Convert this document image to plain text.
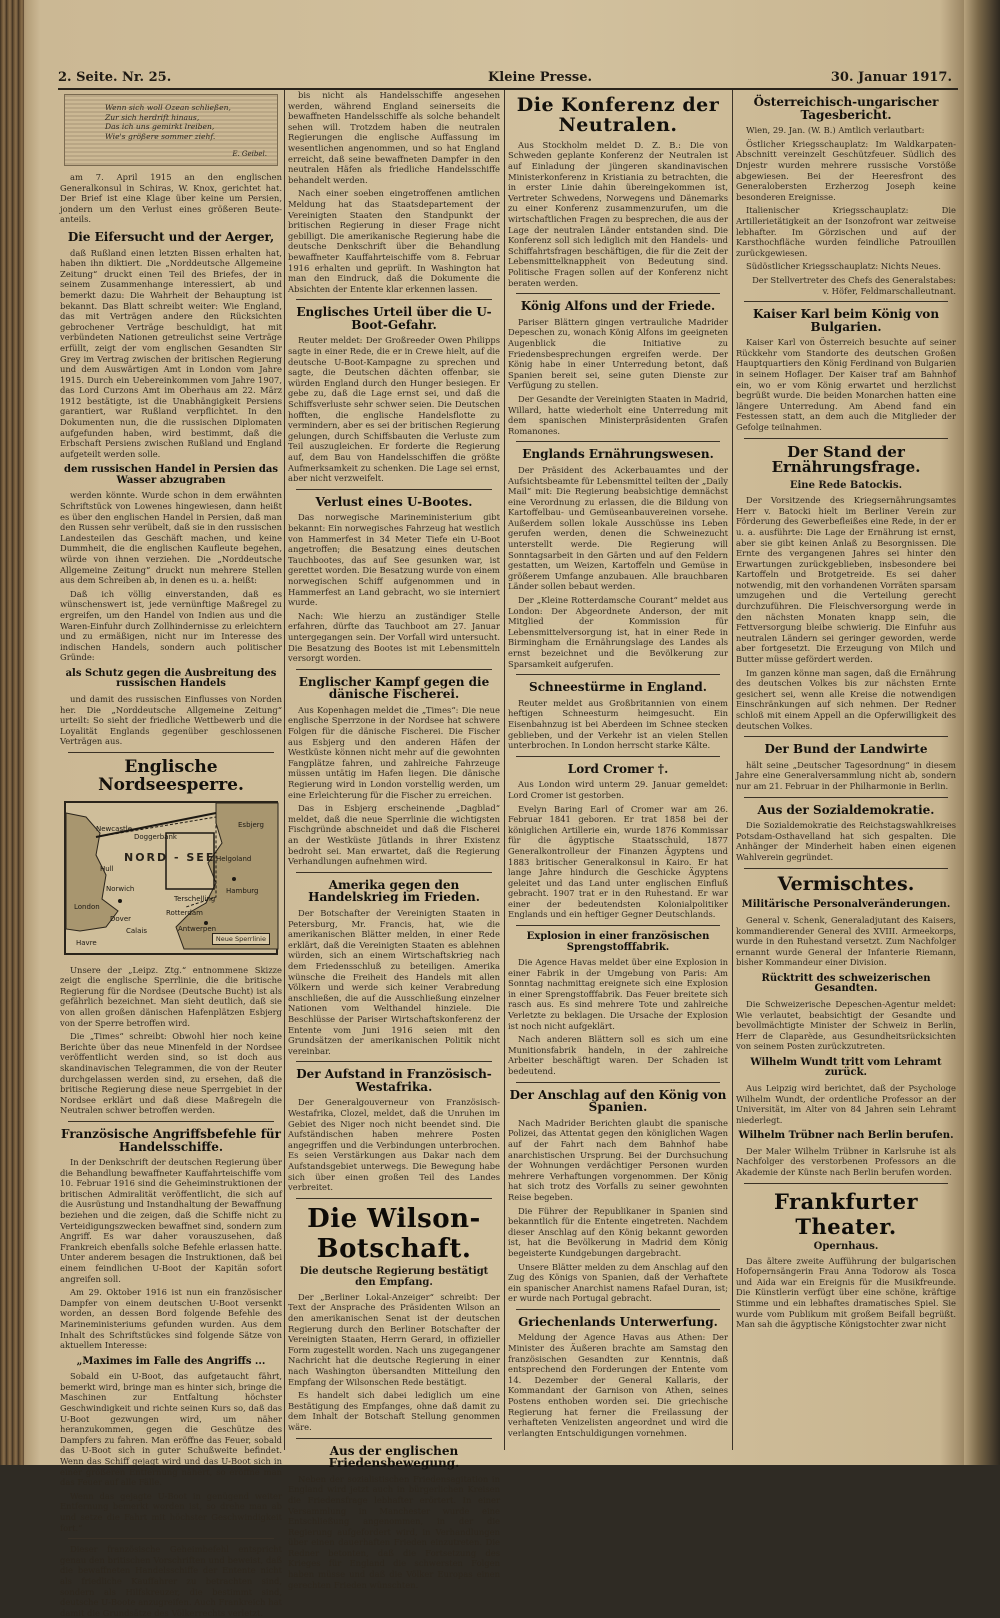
2. Seite. Nr. 25.	Kleine Presse.	30. Januar 1917.
Wenn sich woll Ozean schließen,
Zur sich herdrift hinaus,
Das ich uns gemirkt lreiben,
Wie's größere sommer ziehf.
E. Geibel.

am 7. April 1915 an den englischen Generalkonsul in Schiras, W. Knox, gerichtet hat. Der Brief ist eine Klage über keine um Persien, jondern um den Verlust eines größeren Beute-anteils.

Die Eifersucht und der Aerger,

daß Rußland einen letzten Bissen erhalten hat, haben ihn diktiert. Die „Norddeutsche Allgemeine Zeitung“ druckt einen Teil des Briefes, der in seinem Zusammenhange interessiert, ab und bemerkt dazu: Die Wahrheit der Behauptung ist bekannt. Das Blatt schreibt weiter: Wie England, das mit Verträgen andere den Rücksichten gebrochener Verträge beschuldigt, hat mit verbündeten Nationen getreulichst seine Verträge erfüllt, zeigt der vom englischen Gesandten Sir Grey im Vertrag zwischen der britischen Regierung und dem Auswärtigen Amt in London vom Jahre 1915. Durch ein Uebereinkommen vom Jahre 1907, das Lord Curzons Amt im Oberhaus am 22. März 1912 bestätigte, ist die Unabhängigkeit Persiens garantiert, war Rußland verpflichtet. In den Dokumenten nun, die die russischen Diplomaten aufgefunden haben, wird bestimmt, daß die Erbschaft Persiens zwischen Rußland und England aufgeteilt werden solle.

dem russischen Handel in Persien das Wasser abzugraben

werden könnte. Wurde schon in dem erwähnten Schriftstück von Lowenes hingewiesen, dann heißt es über den englischen Handel in Persien, daß man den Russen sehr verübelt, daß sie in den russischen Landesteilen das Geschäft machen, und keine Dummheit, die die englischen Kaufleute begehen, würde von ihnen verziehen. Die „Norddeutsche Allgemeine Zeitung“ druckt nun mehrere Stellen aus dem Schreiben ab, in denen es u. a. heißt:

Daß ich völlig einverstanden, daß es wünschenswert ist, jede vernünftige Maßregel zu ergreifen, um den Handel von Indien aus und die Waren-Einfuhr durch Zollhindernisse zu erleichtern und zu ermäßigen, nicht nur im Interesse des indischen Handels, sondern auch politischer Gründe:

als Schutz gegen die Ausbreitung des russischen Handels

und damit des russischen Einflusses von Norden her. Die „Norddeutsche Allgemeine Zeitung“ urteilt: So sieht der friedliche Wettbewerb und die Loyalität Englands gegenüber geschlossenen Verträgen aus.

Englische Nordseesperre.
NORD - SEE
Newcastle
Doggerbank
Hull
Norwich
London
Dover
Calais
Rotterdam
Antwerpen
Hamburg
Esbjerg
Terschelling
Havre
Helgoland
Neue Sperrlinie

Unsere der „Leipz. Ztg.“ entnommene Skizze zeigt die englische Sperrlinie, die die britische Regierung für die Nordsee (Deutsche Bucht) ist als gefährlich bezeichnet. Man sieht deutlich, daß sie von allen großen dänischen Hafenplätzen Esbjerg von der Sperre betroffen wird.

Die „Times“ schreibt: Obwohl hier noch keine Berichte über das neue Minenfeld in der Nordsee veröffentlicht werden sind, so ist doch aus skandinavischen Telegrammen, die von der Reuter durchgelassen werden sind, zu ersehen, daß die britische Regierung diese neue Sperrgebiet in der Nordsee erklärt und daß diese Maßregeln die Neutralen schwer betroffen werden.

Französische Angriffsbefehle für Handelsschiffe.

In der Denkschrift der deutschen Regierung über die Behandlung bewaffneter Kauffahrteischiffe vom 10. Februar 1916 sind die Geheiminstruktionen der britischen Admiralität veröffentlicht, die sich auf die Ausrüstung und Instandhaltung der Bewaffnung beziehen und die zeigen, daß die Schiffe nicht zu Verteidigungszwecken bewaffnet sind, sondern zum Angriff. Es war daher vorauszusehen, daß Frankreich ebenfalls solche Befehle erlassen hatte. Unter anderem besagen die Instruktionen, daß bei einem feindlichen U-Boot der Kapitän sofort angreifen soll.

Am 29. Oktober 1916 ist nun ein französischer Dampfer von einem deutschen U-Boot versenkt worden, an dessen Bord folgende Befehle des Marineministeriums gefunden wurden. Aus dem Inhalt des Schriftstückes sind folgende Sätze von aktuellem Interesse:

„Maximes im Falle des Angriffs ...

Sobald ein U-Boot, das aufgetaucht fährt, bemerkt wird, bringe man es hinter sich, bringe die Maschinen zur Entfaltung höchster Geschwindigkeit und richte seinen Kurs so, daß das U-Boot gezwungen wird, um näher heranzukommen, gegen die Geschütze des Dampfers zu fahren. Man eröffne das Feuer, sobald das U-Boot sich in guter Schußweite befindet. Wenn das Schiff gejagt wird und das U-Boot sich in einer größeren Entfernung nähert, so eröffne man das Feuer auf alle Fälle.

Wenn das gejagte U-Boot in genügend weiter Entfernung bemerkt worden ist, so drehe man ab und setze die Fahrt mit höchster Geschwindigkeit fort.“

Dieser französische Geheimbefehl entspricht genau den britischen Vorschriften und beweist, daß die bewaffneten Handelsschiffe der Entente nicht als friedliche Kauffahrer zu betrachten sind, sondern als Hilfskreuzer, die bestimmt sind, deutsche U-Boote anzugreifen. Auch Frankreich hat damit die Grundsätze des Völkerrechts verletzt.

bis nicht als Handelsschiffe angesehen werden, während England seinerseits die bewaffneten Handelsschiffe als solche behandelt sehen will. Trotzdem haben die neutralen Regierungen die englische Auffassung im wesentlichen angenommen, und so hat England erreicht, daß seine bewaffneten Dampfer in den neutralen Häfen als friedliche Handelsschiffe behandelt werden.

Nach einer soeben eingetroffenen amtlichen Meldung hat das Staatsdepartement der Vereinigten Staaten den Standpunkt der britischen Regierung in dieser Frage nicht gebilligt. Die amerikanische Regierung habe die deutsche Denkschrift über die Behandlung bewaffneter Kauffahrteischiffe vom 8. Februar 1916 erhalten und geprüft. In Washington hat man den Eindruck, daß die Dokumente die Absichten der Entente klar erkennen lassen.

Englisches Urteil über die U-Boot-Gefahr.

Reuter meldet: Der Großreeder Owen Philipps sagte in einer Rede, die er in Crewe hielt, auf die deutsche U-Boot-Kampagne zu sprechen und sagte, die Deutschen dächten offenbar, sie würden England durch den Hunger besiegen. Er gebe zu, daß die Lage ernst sei, und daß die Schiffsverluste sehr schwer seien. Die Deutschen hofften, die englische Handelsflotte zu vermindern, aber es sei der britischen Regierung gelungen, durch Schiffsbauten die Verluste zum Teil auszugleichen. Er forderte die Regierung auf, dem Bau von Handelsschiffen die größte Aufmerksamkeit zu schenken. Die Lage sei ernst, aber nicht verzweifelt.

Verlust eines U-Bootes.

Das norwegische Marineministerium gibt bekannt: Ein norwegisches Fahrzeug hat westlich von Hammerfest in 34 Meter Tiefe ein U-Boot angetroffen; die Besatzung eines deutschen Tauchbootes, das auf See gesunken war, ist gerettet worden. Die Besatzung wurde von einem norwegischen Schiff aufgenommen und in Hammerfest an Land gebracht, wo sie interniert wurde.

Nach: Wie hierzu an zuständiger Stelle erfahren, dürfte das Tauchboot am 27. Januar untergegangen sein. Der Vorfall wird untersucht. Die Besatzung des Bootes ist mit Lebensmitteln versorgt worden.

Englischer Kampf gegen die dänische Fischerei.

Aus Kopenhagen meldet die „Times“: Die neue englische Sperrzone in der Nordsee hat schwere Folgen für die dänische Fischerei. Die Fischer aus Esbjerg und den anderen Häfen der Westküste können nicht mehr auf die gewohnten Fangplätze fahren, und zahlreiche Fahrzeuge müssen untätig im Hafen liegen. Die dänische Regierung wird in London vorstellig werden, um eine Erleichterung für die Fischer zu erreichen.

Das in Esbjerg erscheinende „Dagblad“ meldet, daß die neue Sperrlinie die wichtigsten Fischgründe abschneidet und daß die Fischerei an der Westküste Jütlands in ihrer Existenz bedroht sei. Man erwartet, daß die Regierung Verhandlungen aufnehmen wird.

Amerika gegen den Handelskrieg im Frieden.

Der Botschafter der Vereinigten Staaten in Petersburg, Mr. Francis, hat, wie die amerikanischen Blätter melden, in einer Rede erklärt, daß die Vereinigten Staaten es ablehnen würden, sich an einem Wirtschaftskrieg nach dem Friedensschluß zu beteiligen. Amerika wünsche die Freiheit des Handels mit allen Völkern und werde sich keiner Verabredung anschließen, die auf die Ausschließung einzelner Nationen vom Welthandel hinziele. Die Beschlüsse der Pariser Wirtschaftskonferenz der Entente vom Juni 1916 seien mit den Grundsätzen der amerikanischen Politik nicht vereinbar.

Der Aufstand in Französisch-Westafrika.

Der Generalgouverneur von Französisch-Westafrika, Clozel, meldet, daß die Unruhen im Gebiet des Niger noch nicht beendet sind. Die Aufständischen haben mehrere Posten angegriffen und die Verbindungen unterbrochen. Es seien Verstärkungen aus Dakar nach dem Aufstandsgebiet unterwegs. Die Bewegung habe sich über einen großen Teil des Landes verbreitet.

Die Wilson-Botschaft.
Die deutsche Regierung bestätigt den Empfang.

Der „Berliner Lokal-Anzeiger“ schreibt: Der Text der Ansprache des Präsidenten Wilson an den amerikanischen Senat ist der deutschen Regierung durch den Berliner Botschafter der Vereinigten Staaten, Herrn Gerard, in offizieller Form zugestellt worden. Nach uns zugegangener Nachricht hat die deutsche Regierung in einer nach Washington übersandten Mitteilung den Empfang der Wilsonschen Rede bestätigt.

Es handelt sich dabei lediglich um eine Bestätigung des Empfanges, ohne daß damit zu dem Inhalt der Botschaft Stellung genommen wäre.

Aus der englischen Friedensbewegung.

Neben der sozialistischen Friedensagitation in England wird jetzt auch in bürgerlichen Kreisen die Friedensfrage lebhafter erörtert. In einer Versammlung in Manchester wurde eine Entschließung angenommen, in der die Regierung aufgefordert wird, in Verhandlungen über einen dauerhaften Frieden einzutreten. Die Redner betonten, daß die Fortsetzung des Krieges für England die schwersten Folgen haben müsse und daß die Völker Europas einen gerechten Frieden wünschten.

Die Konferenz der Neutralen.

Aus Stockholm meldet D. Z. B.: Die von Schweden geplante Konferenz der Neutralen ist auf Einladung der jüngeren skandinavischen Ministerkonferenz in Kristiania zu betrachten, die in erster Linie dahin übereingekommen ist, Vertreter Schwedens, Norwegens und Dänemarks zu einer Konferenz zusammenzurufen, um die wirtschaftlichen Fragen zu besprechen, die aus der Lage der neutralen Länder entstanden sind. Die Konferenz soll sich lediglich mit den Handels- und Schiffahrtsfragen beschäftigen, die für die Zeit der Lebensmittelknappheit von Bedeutung sind. Politische Fragen sollen auf der Konferenz nicht beraten werden.

König Alfons und der Friede.

Pariser Blättern gingen vertrauliche Madrider Depeschen zu, wonach König Alfons im geeigneten Augenblick die Initiative zu Friedensbesprechungen ergreifen werde. Der König habe in einer Unterredung betont, daß Spanien bereit sei, seine guten Dienste zur Verfügung zu stellen.

Der Gesandte der Vereinigten Staaten in Madrid, Willard, hatte wiederholt eine Unterredung mit dem spanischen Ministerpräsidenten Grafen Romanones.

Englands Ernährungswesen.

Der Präsident des Ackerbauamtes und der Aufsichtsbeamte für Lebensmittel teilten der „Daily Mail“ mit: Die Regierung beabsichtige demnächst eine Verordnung zu erlassen, die die Bildung von Kartoffelbau- und Gemüseanbauvereinen vorsehe. Außerdem sollen lokale Ausschüsse ins Leben gerufen werden, denen die Schweinezucht unterstellt werde. Die Regierung will Sonntagsarbeit in den Gärten und auf den Feldern gestatten, um Weizen, Kartoffeln und Gemüse in größerem Umfange anzubauen. Alle brauchbaren Länder sollen bebaut werden.

Der „Kleine Rotterdamsche Courant“ meldet aus London: Der Abgeordnete Anderson, der mit Mitglied der Kommission für Lebensmittelversorgung ist, hat in einer Rede in Birmingham die Ernährungslage des Landes als ernst bezeichnet und die Bevölkerung zur Sparsamkeit aufgerufen.

Schneestürme in England.

Reuter meldet aus Großbritannien von einem heftigen Schneesturm heimgesucht. Ein Eisenbahnzug ist bei Aberdeen im Schnee stecken geblieben, und der Verkehr ist an vielen Stellen unterbrochen. In London herrscht starke Kälte.

Lord Cromer †.

Aus London wird unterm 29. Januar gemeldet: Lord Cromer ist gestorben.

Evelyn Baring Earl of Cromer war am 26. Februar 1841 geboren. Er trat 1858 bei der königlichen Artillerie ein, wurde 1876 Kommissar für die ägyptische Staatsschuld, 1877 Generalkontrolleur der Finanzen Ägyptens und 1883 britischer Generalkonsul in Kairo. Er hat lange Jahre hindurch die Geschicke Ägyptens geleitet und das Land unter englischen Einfluß gebracht. 1907 trat er in den Ruhestand. Er war einer der bedeutendsten Kolonialpolitiker Englands und ein heftiger Gegner Deutschlands.

Explosion in einer französischen Sprengstofffabrik.

Die Agence Havas meldet über eine Explosion in einer Fabrik in der Umgebung von Paris: Am Sonntag nachmittag ereignete sich eine Explosion in einer Sprengstofffabrik. Das Feuer breitete sich rasch aus. Es sind mehrere Tote und zahlreiche Verletzte zu beklagen. Die Ursache der Explosion ist noch nicht aufgeklärt.

Nach anderen Blättern soll es sich um eine Munitionsfabrik handeln, in der zahlreiche Arbeiter beschäftigt waren. Der Schaden ist bedeutend.

Der Anschlag auf den König von Spanien.

Nach Madrider Berichten glaubt die spanische Polizei, das Attentat gegen den königlichen Wagen auf der Fahrt nach dem Bahnhof habe anarchistischen Ursprung. Bei der Durchsuchung der Wohnungen verdächtiger Personen wurden mehrere Verhaftungen vorgenommen. Der König hat sich trotz des Vorfalls zu seiner gewohnten Reise begeben.

Die Führer der Republikaner in Spanien sind bekanntlich für die Entente eingetreten. Nachdem dieser Anschlag auf den König bekannt geworden ist, hat die Bevölkerung in Madrid dem König begeisterte Kundgebungen dargebracht.

Unsere Blätter melden zu dem Anschlag auf den Zug des Königs von Spanien, daß der Verhaftete ein spanischer Anarchist namens Rafael Duran, ist; er wurde nach Portugal gebracht.

Griechenlands Unterwerfung.

Meldung der Agence Havas aus Athen: Der Minister des Äußeren brachte am Samstag den französischen Gesandten zur Kenntnis, daß entsprechend den Forderungen der Entente vom 14. Dezember der General Kallaris, der Kommandant der Garnison von Athen, seines Postens enthoben worden sei. Die griechische Regierung hat ferner die Freilassung der verhafteten Venizelisten angeordnet und wird die verlangten Entschuldigungen vornehmen.

Österreichisch-ungarischer Tagesbericht.

Wien, 29. Jan. (W. B.) Amtlich verlautbart:

Östlicher Kriegsschauplatz: Im Waldkarpaten-Abschnitt vereinzelt Geschützfeuer. Südlich des Dnjestr wurden mehrere russische Vorstöße abgewiesen. Bei der Heeresfront des Generalobersten Erzherzog Joseph keine besonderen Ereignisse.

Italienischer Kriegsschauplatz: Die Artillerietätigkeit an der Isonzofront war zeitweise lebhafter. Im Görzischen und auf der Karsthochfläche wurden feindliche Patrouillen zurückgewiesen.

Südöstlicher Kriegsschauplatz: Nichts Neues.

Der Stellvertreter des Chefs des Generalstabes: v. Höfer, Feldmarschalleutnant.

Kaiser Karl beim König von Bulgarien.

Kaiser Karl von Österreich besuchte auf seiner Rückkehr vom Standorte des deutschen Großen Hauptquartiers den König Ferdinand von Bulgarien in seinem Hoflager. Der Kaiser traf am Bahnhof ein, wo er vom König erwartet und herzlichst begrüßt wurde. Die beiden Monarchen hatten eine längere Unterredung. Am Abend fand ein Festessen statt, an dem auch die Mitglieder der Gefolge teilnahmen.

Der Stand der Ernährungsfrage.
Eine Rede Batockis.

Der Vorsitzende des Kriegsernährungsamtes Herr v. Batocki hielt im Berliner Verein zur Förderung des Gewerbefleißes eine Rede, in der er u. a. ausführte: Die Lage der Ernährung ist ernst, aber sie gibt keinen Anlaß zu Besorgnissen. Die Ernte des vergangenen Jahres sei hinter den Erwartungen zurückgeblieben, insbesondere bei Kartoffeln und Brotgetreide. Es sei daher notwendig, mit den vorhandenen Vorräten sparsam umzugehen und die Verteilung gerecht durchzuführen. Die Fleischversorgung werde in den nächsten Monaten knapp sein, die Fettversorgung bleibe schwierig. Die Einfuhr aus neutralen Ländern sei geringer geworden, werde aber fortgesetzt. Die Erzeugung von Milch und Butter müsse gefördert werden.

Im ganzen könne man sagen, daß die Ernährung des deutschen Volkes bis zur nächsten Ernte gesichert sei, wenn alle Kreise die notwendigen Einschränkungen auf sich nehmen. Der Redner schloß mit einem Appell an die Opferwilligkeit des deutschen Volkes.

Der Bund der Landwirte

hält seine „Deutscher Tagesordnung“ in diesem Jahre eine Generalversammlung nicht ab, sondern nur am 21. Februar in der Philharmonie in Berlin.

Aus der Sozialdemokratie.

Die Sozialdemokratie des Reichstagswahlkreises Potsdam-Osthavelland hat sich gespalten. Die Anhänger der Minderheit haben einen eigenen Wahlverein gegründet.

Vermischtes.
Militärische Personalveränderungen.

General v. Schenk, Generaladjutant des Kaisers, kommandierender General des XVIII. Armeekorps, wurde in den Ruhestand versetzt. Zum Nachfolger ernannt wurde General der Infanterie Riemann, bisher Kommandeur einer Division.

Rücktritt des schweizerischen Gesandten.

Die Schweizerische Depeschen-Agentur meldet: Wie verlautet, beabsichtigt der Gesandte und bevollmächtigte Minister der Schweiz in Berlin, Herr de Claparède, aus Gesundheitsrücksichten von seinem Posten zurückzutreten.

Wilhelm Wundt tritt vom Lehramt zurück.

Aus Leipzig wird berichtet, daß der Psychologe Wilhelm Wundt, der ordentliche Professor an der Universität, im Alter von 84 Jahren sein Lehramt niederlegt.

Wilhelm Trübner nach Berlin berufen.

Der Maler Wilhelm Trübner in Karlsruhe ist als Nachfolger des verstorbenen Professors an die Akademie der Künste nach Berlin berufen worden.

Frankfurter Theater.
Opernhaus.

Das ältere zweite Aufführung der bulgarischen Hofopernsängerin Frau Anna Todorow als Tosca und Aida war ein Ereignis für die Musikfreunde. Die Künstlerin verfügt über eine schöne, kräftige Stimme und ein lebhaftes dramatisches Spiel. Sie wurde vom Publikum mit großem Beifall begrüßt. Man sah die ägyptische Königstochter zwar nicht
